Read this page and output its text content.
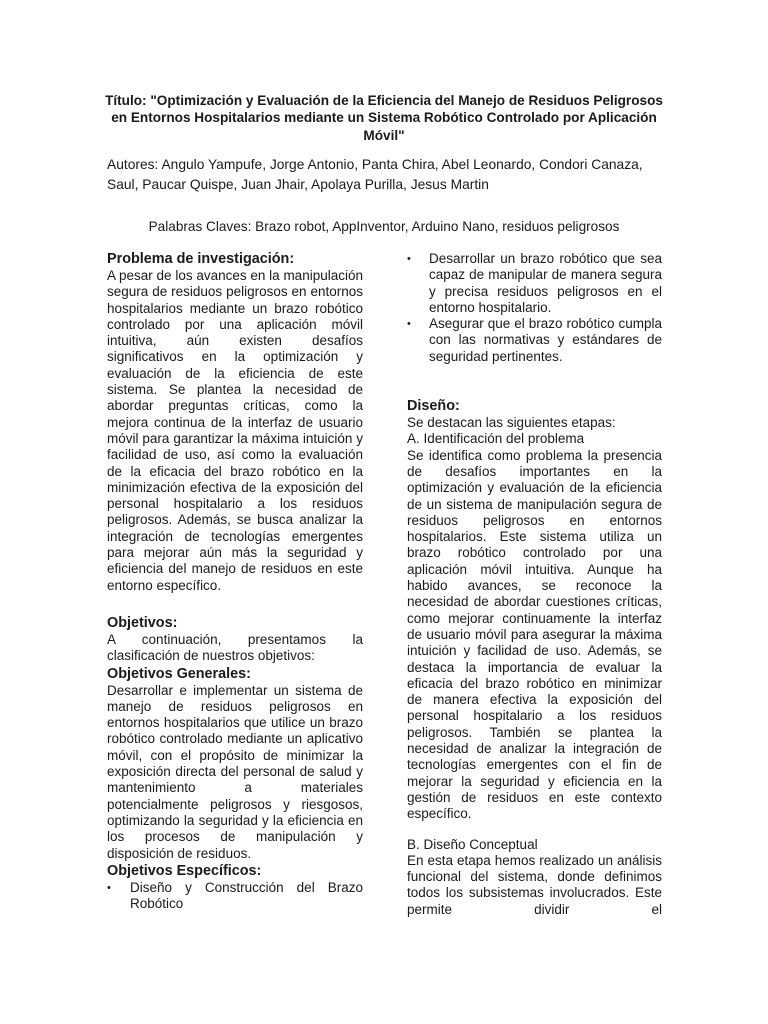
Título: "Optimización y Evaluación de la Eficiencia del Manejo de Residuos Peligrosos en Entornos Hospitalarios mediante un Sistema Robótico Controlado por Aplicación Móvil"

Autores: Angulo Yampufe, Jorge Antonio, Panta Chira, Abel Leonardo, Condori Canaza, Saul, Paucar Quispe, Juan Jhair, Apolaya Purilla, Jesus Martin

Palabras Claves: Brazo robot, AppInventor, Arduino Nano, residuos peligrosos

Problema de investigación:

A pesar de los avances en la manipulación segura de residuos peligrosos en entornos hospitalarios mediante un brazo robótico controlado por una aplicación móvil intuitiva, aún existen desafíos significativos en la optimización y evaluación de la eficiencia de este sistema. Se plantea la necesidad de abordar preguntas críticas, como la mejora continua de la interfaz de usuario móvil para garantizar la máxima intuición y facilidad de uso, así como la evaluación de la eficacia del brazo robótico en la minimización efectiva de la exposición del personal hospitalario a los residuos peligrosos. Además, se busca analizar la integración de tecnologías emergentes para mejorar aún más la seguridad y eficiencia del manejo de residuos en este entorno específico.

Objetivos:

A continuación, presentamos la clasificación de nuestros objetivos:

Objetivos Generales:

Desarrollar e implementar un sistema de manejo de residuos peligrosos en entornos hospitalarios que utilice un brazo robótico controlado mediante un aplicativo móvil, con el propósito de minimizar la exposición directa del personal de salud y mantenimiento a materiales potencialmente peligrosos y riesgosos, optimizando la seguridad y la eficiencia en los procesos de manipulación y disposición de residuos.

Objetivos Específicos:

•	Diseño y Construcción del Brazo Robótico

•	Desarrollar un brazo robótico que sea capaz de manipular de manera segura y precisa residuos peligrosos en el entorno hospitalario.

•	Asegurar que el brazo robótico cumpla con las normativas y estándares de seguridad pertinentes.

Diseño:

Se destacan las siguientes etapas:

A. Identificación del problema

Se identifica como problema la presencia de desafíos importantes en la optimización y evaluación de la eficiencia de un sistema de manipulación segura de residuos peligrosos en entornos hospitalarios. Este sistema utiliza un brazo robótico controlado por una aplicación móvil intuitiva. Aunque ha habido avances, se reconoce la necesidad de abordar cuestiones críticas, como mejorar continuamente la interfaz de usuario móvil para asegurar la máxima intuición y facilidad de uso. Además, se destaca la importancia de evaluar la eficacia del brazo robótico en minimizar de manera efectiva la exposición del personal hospitalario a los residuos peligrosos. También se plantea la necesidad de analizar la integración de tecnologías emergentes con el fin de mejorar la seguridad y eficiencia en la gestión de residuos en este contexto específico.

B. Diseño Conceptual

En esta etapa hemos realizado un análisis funcional del sistema, donde definimos todos los subsistemas involucrados. Este permite dividir el
